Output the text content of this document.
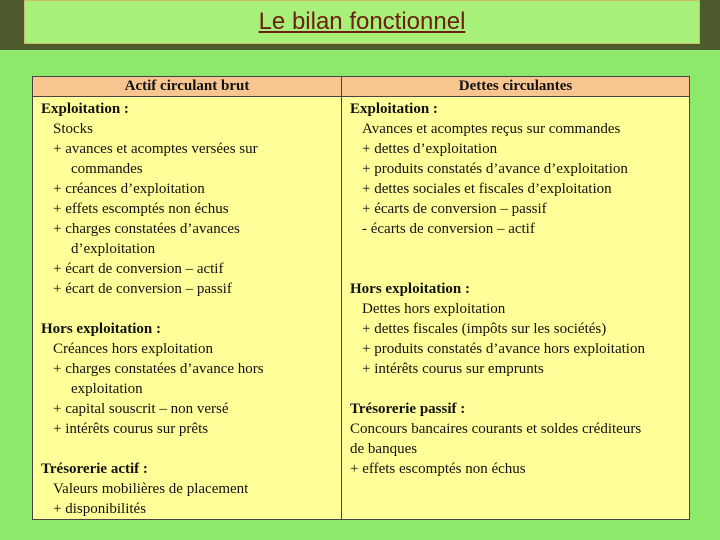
Le bilan fonctionnel
Actif circulant brut	Dettes circulantes
Exploitation :
Stocks
+ avances et acomptes versées sur
commandes
+ créances d’exploitation
+ effets escomptés non échus
+ charges constatées d’avances
d’exploitation
+ écart de conversion – actif
+ écart de conversion – passif
Hors exploitation :
Créances hors exploitation
+ charges constatées d’avance hors
exploitation
+ capital souscrit – non versé
+ intérêts courus sur prêts
Trésorerie actif :
Valeurs mobilières de placement
+ disponibilités
Exploitation :
Avances et acomptes reçus sur commandes
+ dettes d’exploitation
+ produits constatés d’avance d’exploitation
+ dettes sociales et fiscales d’exploitation
+ écarts de conversion – passif
- écarts de conversion – actif
Hors exploitation :
Dettes hors exploitation
+ dettes fiscales (impôts sur les sociétés)
+ produits constatés d’avance hors exploitation
+ intérêts courus sur emprunts
Trésorerie passif :
Concours bancaires courants et soldes créditeurs
de banques
+ effets escomptés non échus
